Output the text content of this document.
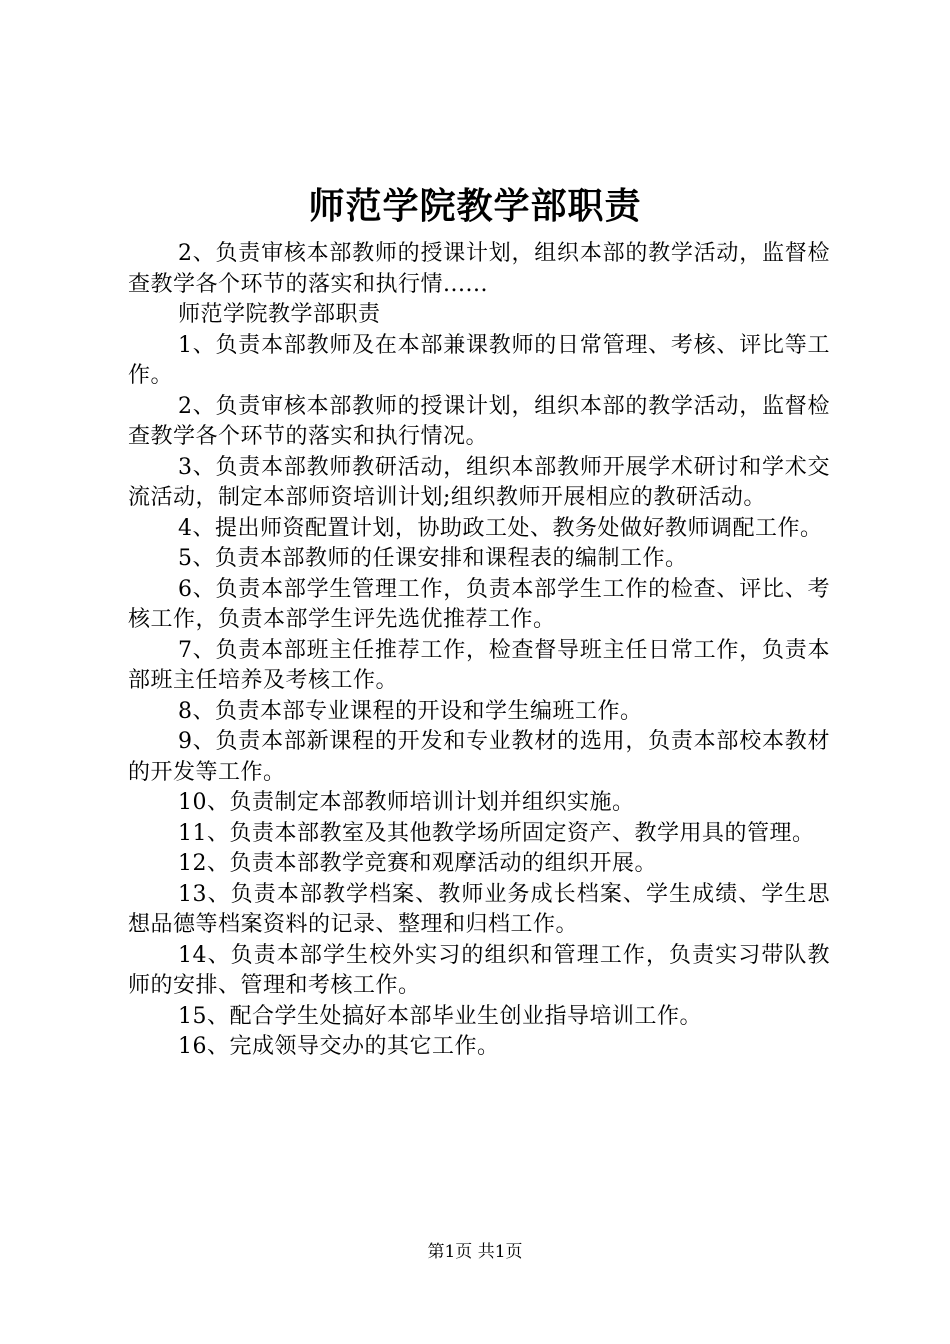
师范学院教学部职责

2、负责审核本部教师的授课计划，组织本部的教学活动，监督检查教学各个环节的落实和执行情......

师范学院教学部职责

1、负责本部教师及在本部兼课教师的日常管理、考核、评比等工作。

2、负责审核本部教师的授课计划，组织本部的教学活动，监督检查教学各个环节的落实和执行情况。

3、负责本部教师教研活动，组织本部教师开展学术研讨和学术交流活动，制定本部师资培训计划;组织教师开展相应的教研活动。

4、提出师资配置计划，协助政工处、教务处做好教师调配工作。

5、负责本部教师的任课安排和课程表的编制工作。

6、负责本部学生管理工作，负责本部学生工作的检查、评比、考核工作，负责本部学生评先选优推荐工作。

7、负责本部班主任推荐工作，检查督导班主任日常工作，负责本部班主任培养及考核工作。

8、负责本部专业课程的开设和学生编班工作。

9、负责本部新课程的开发和专业教材的选用，负责本部校本教材的开发等工作。

10、负责制定本部教师培训计划并组织实施。

11、负责本部教室及其他教学场所固定资产、教学用具的管理。

12、负责本部教学竞赛和观摩活动的组织开展。

13、负责本部教学档案、教师业务成长档案、学生成绩、学生思想品德等档案资料的记录、整理和归档工作。

14、负责本部学生校外实习的组织和管理工作，负责实习带队教师的安排、管理和考核工作。

15、配合学生处搞好本部毕业生创业指导培训工作。

16、完成领导交办的其它工作。

第1页 共1页
